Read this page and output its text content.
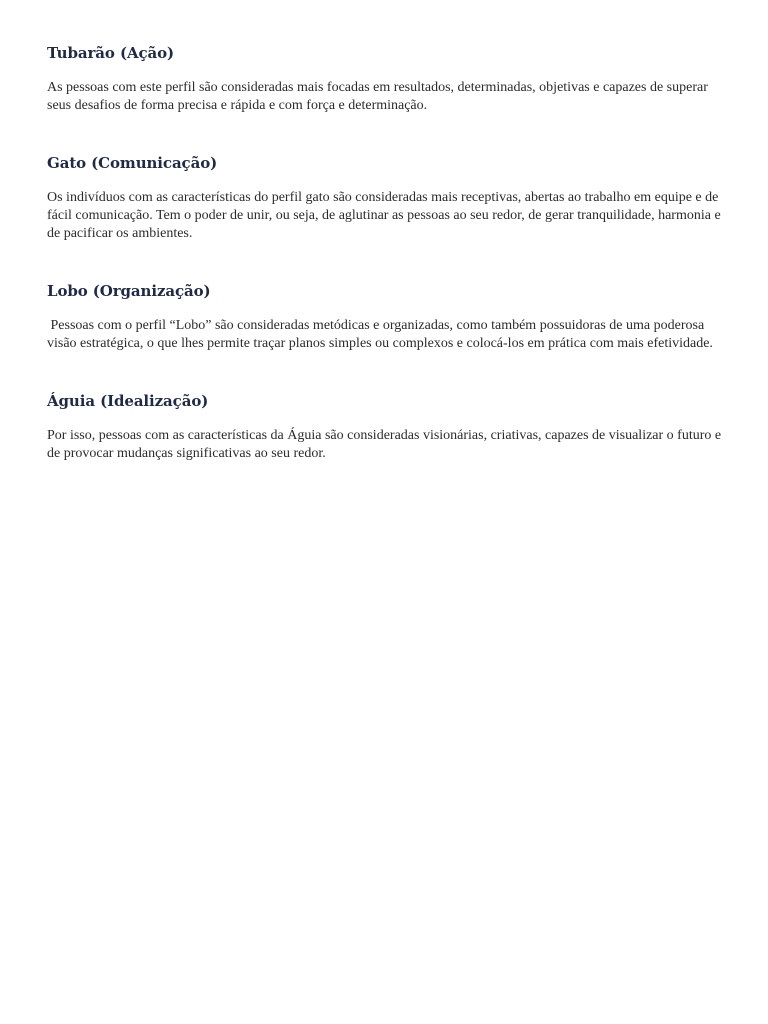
Tubarão (Ação)

As pessoas com este perfil são consideradas mais focadas em resultados, determinadas, objetivas e capazes de superar seus desafios de forma precisa e rápida e com força e determinação.

Gato (Comunicação)

Os indivíduos com as características do perfil gato são consideradas mais receptivas, abertas ao trabalho em equipe e de fácil comunicação. Tem o poder de unir, ou seja, de aglutinar as pessoas ao seu redor, de gerar tranquilidade, harmonia e de pacificar os ambientes.

Lobo (Organização)

Pessoas com o perfil “Lobo” são consideradas metódicas e organizadas, como também possuidoras de uma poderosa visão estratégica, o que lhes permite traçar planos simples ou complexos e colocá-los em prática com mais efetividade.

Águia (Idealização)

Por isso, pessoas com as características da Águia são consideradas visionárias, criativas, capazes de visualizar o futuro e de provocar mudanças significativas ao seu redor.
